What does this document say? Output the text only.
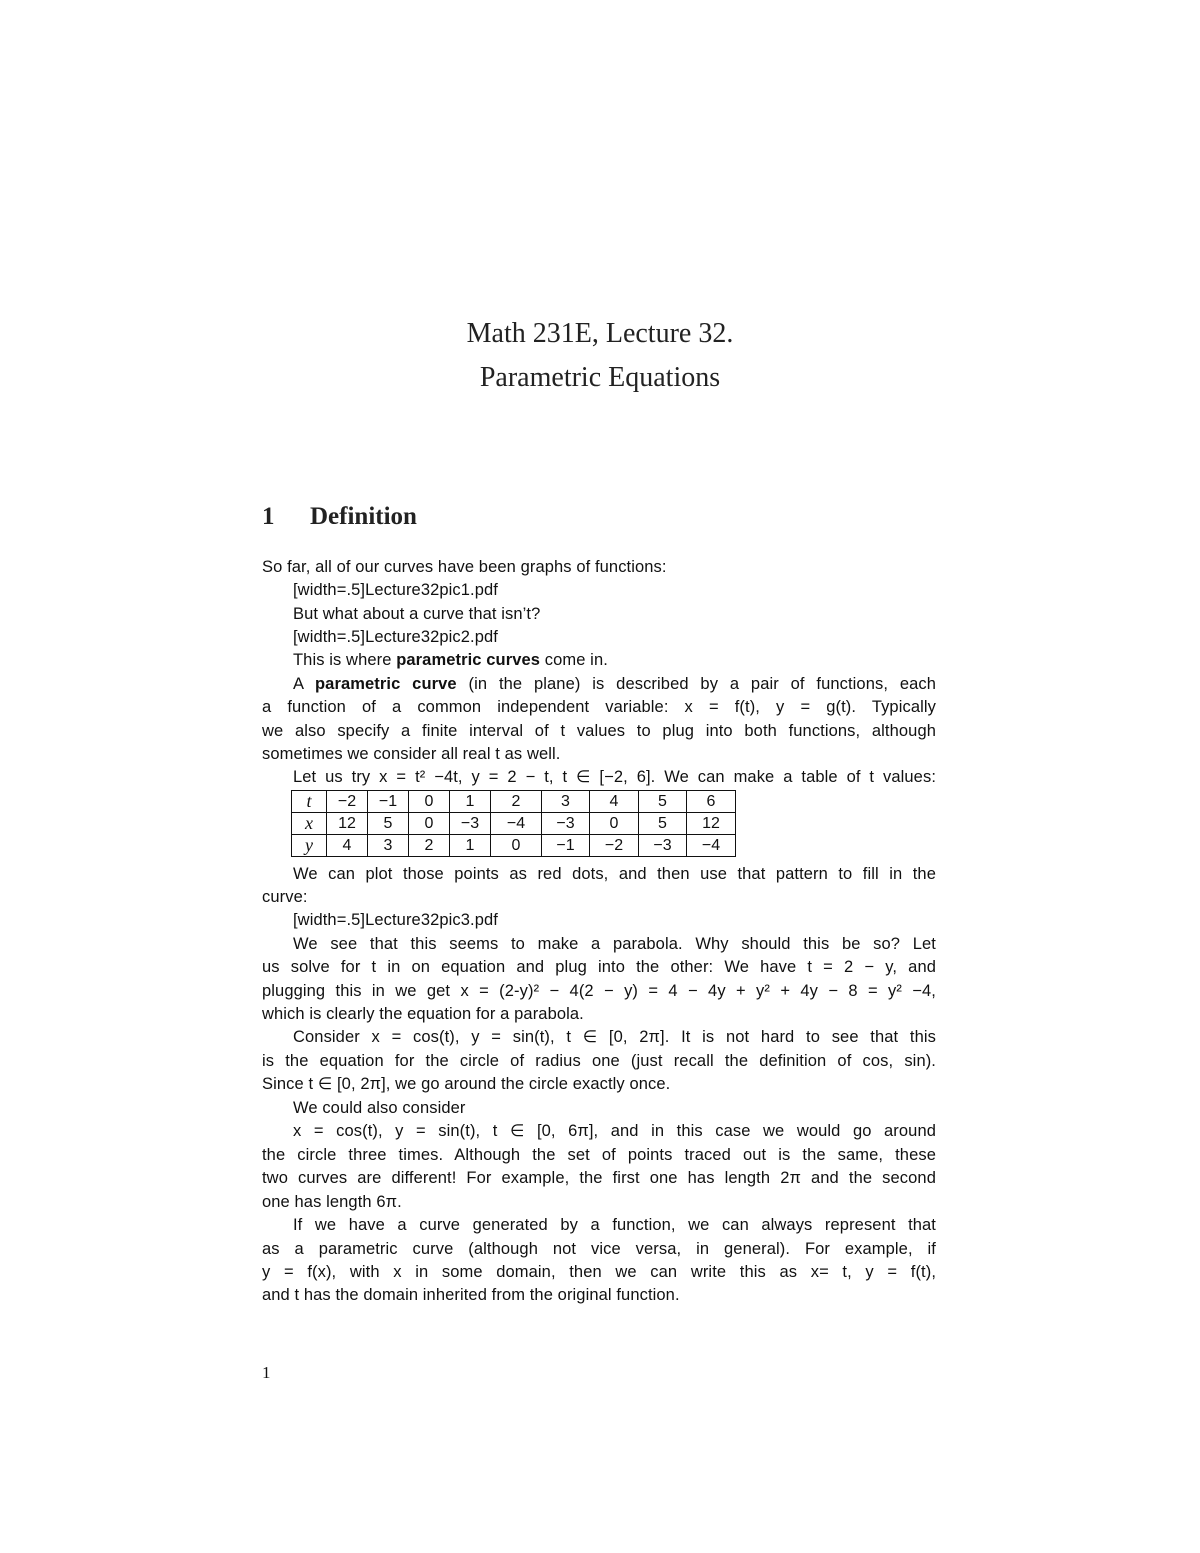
Math 231E, Lecture 32.
Parametric Equations
1 Definition
So far, all of our curves have been graphs of functions:
[width=.5]Lecture32pic1.pdf
But what about a curve that isn’t?
[width=.5]Lecture32pic2.pdf
This is where parametric curves come in.
A parametric curve (in the plane) is described by a pair of functions, each
a function of a common independent variable: x = f(t), y = g(t). Typically
we also specify a finite interval of t values to plug into both functions, although
sometimes we consider all real t as well.
Let us try x = t² −4t, y = 2 − t, t ∈ [−2, 6]. We can make a table of t values:
t	−2	−1	0	1	2	3	4	5	6
x	12	5	0	−3	−4	−3	0	5	12
y	4	3	2	1	0	−1	−2	−3	−4
We can plot those points as red dots, and then use that pattern to fill in the
curve:
[width=.5]Lecture32pic3.pdf
We see that this seems to make a parabola. Why should this be so? Let
us solve for t in on equation and plug into the other: We have t = 2 − y, and
plugging this in we get x = (2-y)² − 4(2 − y) = 4 − 4y + y² + 4y − 8 = y² −4,
which is clearly the equation for a parabola.
Consider x = cos(t), y = sin(t), t ∈ [0, 2π]. It is not hard to see that this
is the equation for the circle of radius one (just recall the definition of cos, sin).
Since t ∈ [0, 2π], we go around the circle exactly once.
We could also consider
x = cos(t), y = sin(t), t ∈ [0, 6π], and in this case we would go around
the circle three times. Although the set of points traced out is the same, these
two curves are different! For example, the first one has length 2π and the second
one has length 6π.
If we have a curve generated by a function, we can always represent that
as a parametric curve (although not vice versa, in general). For example, if
y = f(x), with x in some domain, then we can write this as x= t, y = f(t),
and t has the domain inherited from the original function.
1
